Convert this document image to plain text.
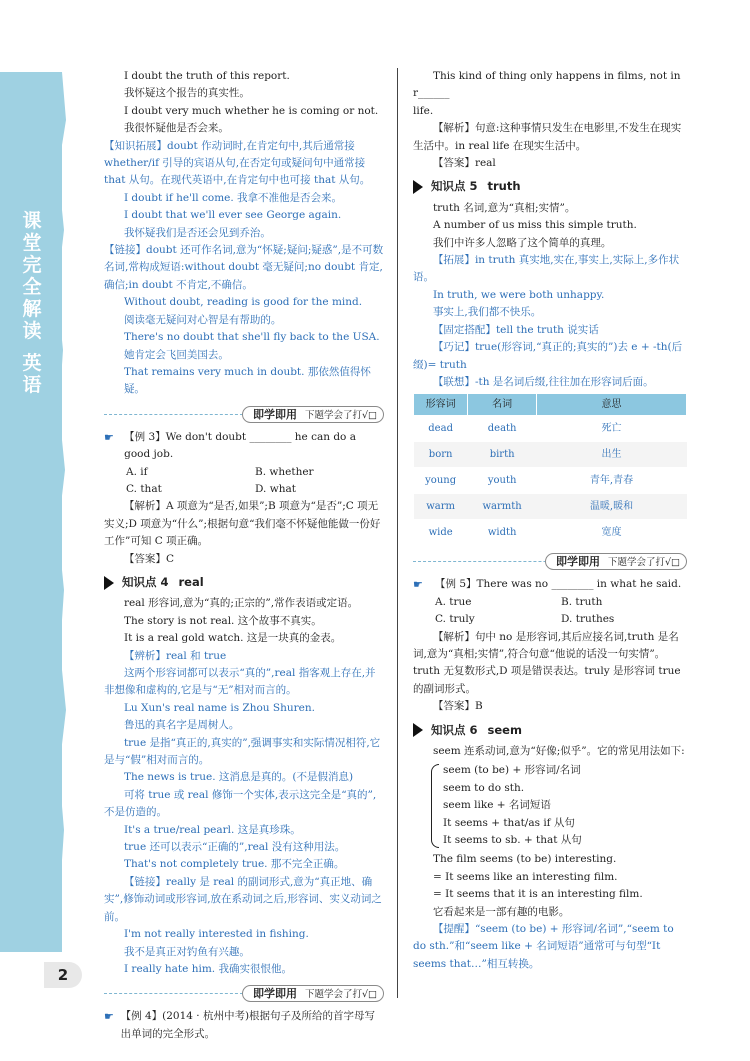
课
堂
完
全
解
读
英
语
2

I doubt the truth of this report.

我怀疑这个报告的真实性。

I doubt very much whether he is coming or not.

我很怀疑他是否会来。

【知识拓展】doubt 作动词时,在肯定句中,其后通常接 whether/if 引导的宾语从句,在否定句或疑问句中通常接 that 从句。在现代英语中,在肯定句中也可接 that 从句。

I doubt if he'll come. 我拿不准他是否会来。

I doubt that we'll ever see George again.

我怀疑我们是否还会见到乔治。

【链接】doubt 还可作名词,意为“怀疑;疑问;疑惑”,是不可数名词,常构成短语:without doubt 毫无疑问;no doubt 肯定,确信;in doubt 不肯定,不确信。

Without doubt, reading is good for the mind.

阅读毫无疑问对心智是有帮助的。

There's no doubt that she'll fly back to the USA.

她肯定会飞回美国去。

That remains very much in doubt. 那依然值得怀疑。

即学即用 下题学会了打√□
☛ 【例 3】We don't doubt ________ he can do a good job.
A. if	B. whether
C. that	D. what

【解析】A 项意为“是否,如果”;B 项意为“是否”;C 项无实义;D 项意为“什么”;根据句意“我们毫不怀疑他能做一份好工作”可知 C 项正确。

【答案】C

知识点 4 real

real 形容词,意为“真的;正宗的”,常作表语或定语。

The story is not real. 这个故事不真实。

It is a real gold watch. 这是一块真的金表。

【辨析】real 和 true

这两个形容词都可以表示“真的”,real 指客观上存在,并非想像和虚构的,它是与“无”相对而言的。

Lu Xun's real name is Zhou Shuren.

鲁迅的真名字是周树人。

true 是指“真正的,真实的”,强调事实和实际情况相符,它是与“假”相对而言的。

The news is true. 这消息是真的。(不是假消息)

可将 true 或 real 修饰一个实体,表示这完全是“真的”,不是仿造的。

It's a true/real pearl. 这是真珍珠。

true 还可以表示“正确的”,real 没有这种用法。

That's not completely true. 那不完全正确。

【链接】really 是 real 的副词形式,意为“真正地、确实”,修饰动词或形容词,放在系动词之后,形容词、实义动词之前。

I'm not really interested in fishing.

我不是真正对钓鱼有兴趣。

I really hate him. 我确实很恨他。

即学即用 下题学会了打√□
☛ 【例 4】(2014 · 杭州中考)根据句子及所给的首字母写出单词的完全形式。

This kind of thing only happens in films, not in r______

life.

【解析】句意:这种事情只发生在电影里,不发生在现实生活中。in real life 在现实生活中。

【答案】real

知识点 5 truth

truth 名词,意为“真相;实情”。

A number of us miss this simple truth.

我们中许多人忽略了这个简单的真理。

【拓展】in truth 真实地,实在,事实上,实际上,多作状语。

In truth, we were both unhappy.

事实上,我们都不快乐。

【固定搭配】tell the truth 说实话

【巧记】true(形容词,“真正的;真实的”)去 e + -th(后缀)= truth

【联想】-th 是名词后缀,往往加在形容词后面。

形容词	名词	意思
dead	death	死亡
born	birth	出生
young	youth	青年,青春
warm	warmth	温暖,暖和
wide	width	宽度
即学即用 下题学会了打√□
☛	【例 5】There was no ________ in what he said.
A. true	B. truth
C. truly	D. truthes

【解析】句中 no 是形容词,其后应接名词,truth 是名词,意为“真相;实情”,符合句意“他说的话没一句实情”。truth 无复数形式,D 项是错误表达。truly 是形容词 true 的副词形式。

【答案】B

知识点 6 seem

seem 连系动词,意为“好像;似乎”。它的常见用法如下:

seem (to be) + 形容词/名词

seem to do sth.

seem like + 名词短语

It seems + that/as if 从句

It seems to sb. + that 从句

The film seems (to be) interesting.

= It seems like an interesting film.

= It seems that it is an interesting film.

它看起来是一部有趣的电影。

【提醒】“seem (to be) + 形容词/名词”,“seem to do sth.”和“seem like + 名词短语”通常可与句型“It seems that…”相互转换。
